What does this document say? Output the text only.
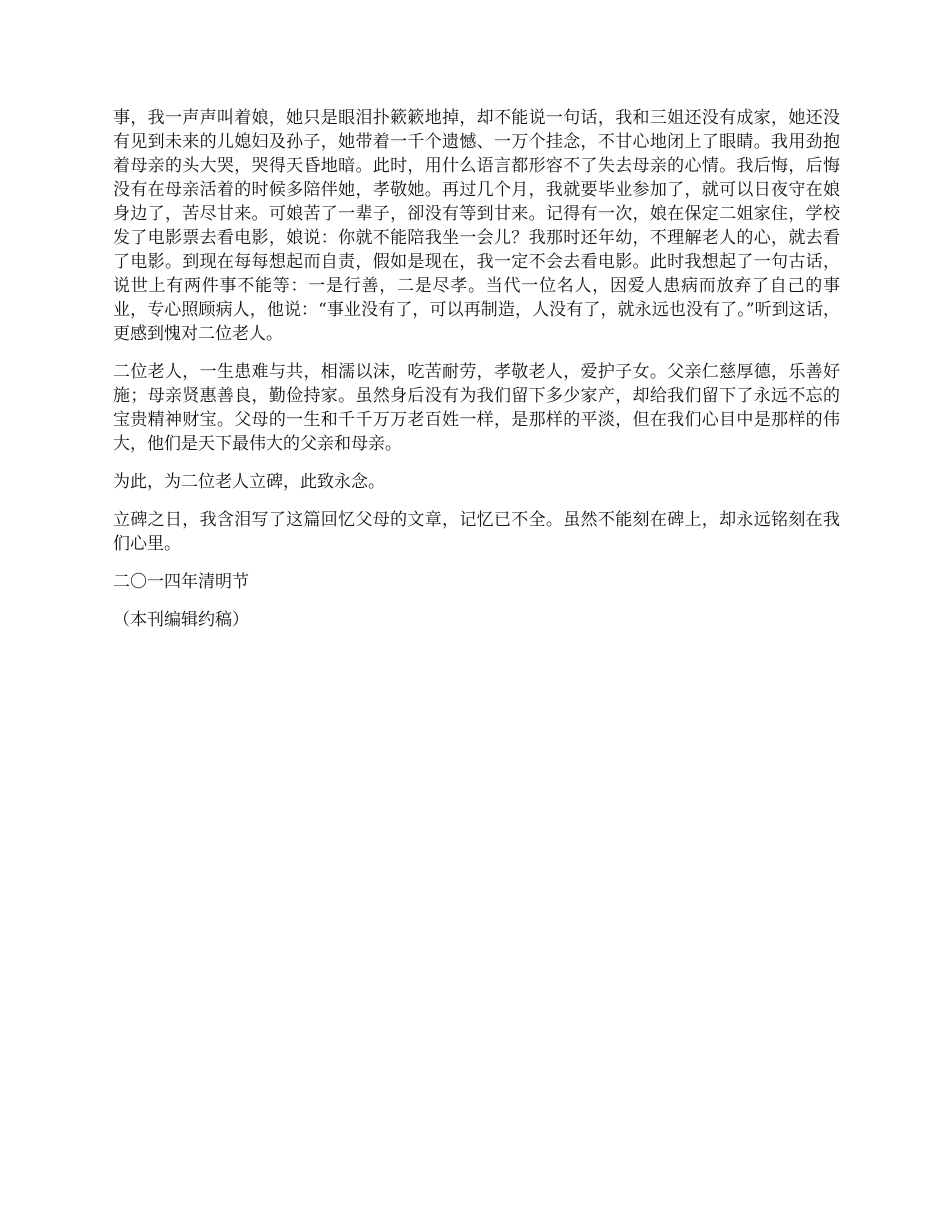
事，我一声声叫着娘，她只是眼泪扑簌簌地掉，却不能说一句话，我和三姐还没有成家，她还没有见到未来的儿媳妇及孙子，她带着一千个遗憾、一万个挂念，不甘心地闭上了眼睛。我用劲抱着母亲的头大哭，哭得天昏地暗。此时，用什么语言都形容不了失去母亲的心情。我后悔，后悔没有在母亲活着的时候多陪伴她，孝敬她。再过几个月，我就要毕业参加了，就可以日夜守在娘身边了，苦尽甘来。可娘苦了一辈子，卻没有等到甘来。记得有一次，娘在保定二姐家住，学校发了电影票去看电影，娘说：你就不能陪我坐一会儿？我那时还年幼，不理解老人的心，就去看了电影。到现在每每想起而自责，假如是现在，我一定不会去看电影。此时我想起了一句古话，说世上有两件事不能等：一是行善，二是尽孝。当代一位名人，因爱人患病而放弃了自己的事业，专心照顾病人，他说：“事业没有了，可以再制造，人没有了，就永远也没有了。”听到这话，更感到愧对二位老人。

二位老人，一生患难与共，相濡以沫，吃苦耐劳，孝敬老人，爱护子女。父亲仁慈厚德，乐善好施；母亲贤惠善良，勤俭持家。虽然身后没有为我们留下多少家产，却给我们留下了永远不忘的宝贵精神财宝。父母的一生和千千万万老百姓一样，是那样的平淡，但在我们心目中是那样的伟大，他们是天下最伟大的父亲和母亲。

为此，为二位老人立碑，此致永念。

立碑之日，我含泪写了这篇回忆父母的文章，记忆已不全。虽然不能刻在碑上，却永远铭刻在我们心里。

二〇一四年清明节

（本刊编辑约稿）
